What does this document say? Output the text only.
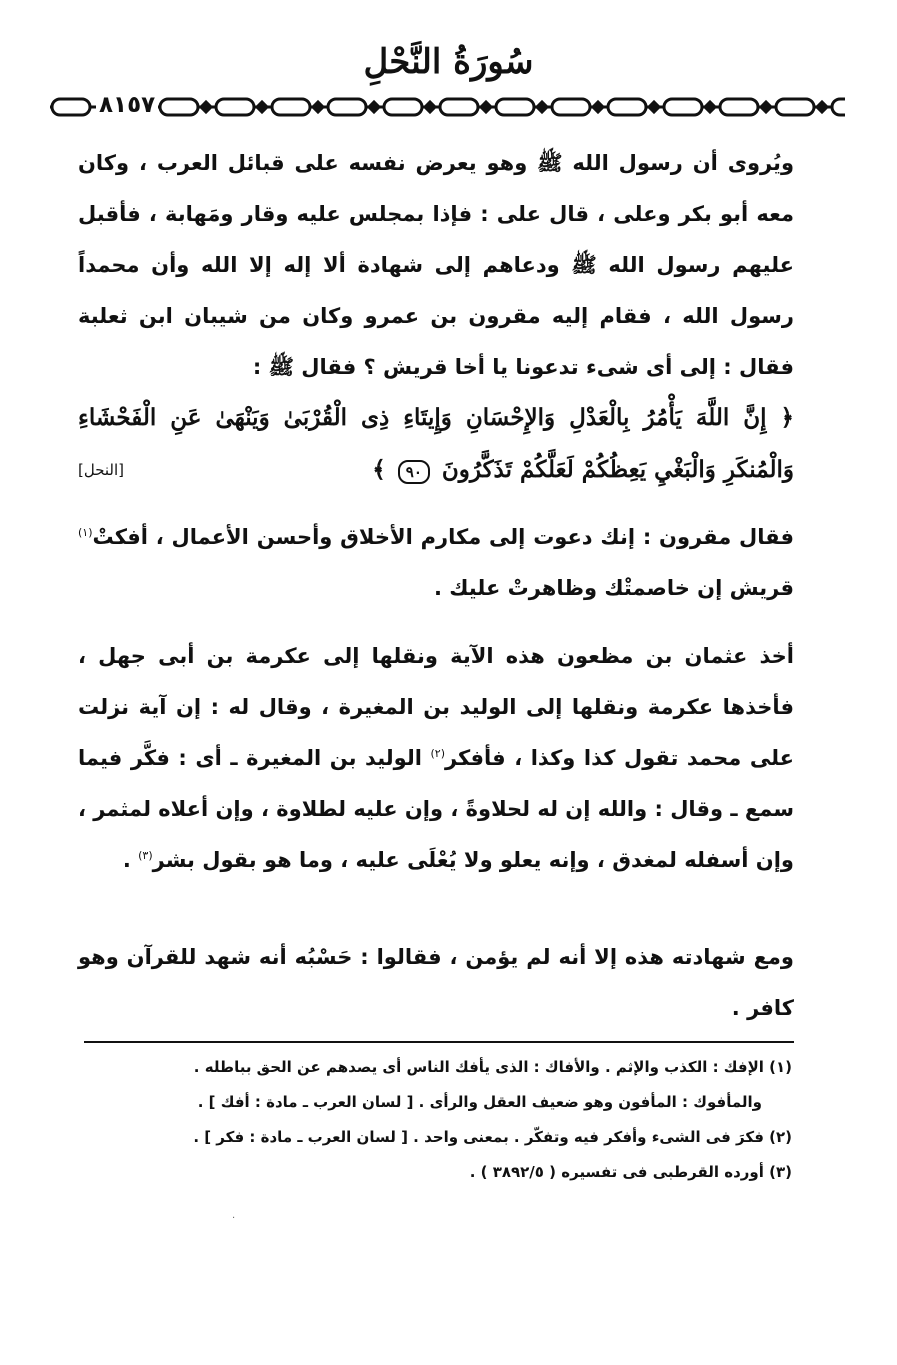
سُورَةُ النَّحْلِ
٨١٥٧

ويُروى أن رسول الله ﷺ وهو يعرض نفسه على قبائل العرب ، وكان معه أبو بكر وعلى ، قال على : فإذا بمجلس عليه وقار ومَهابة ، فأقبل عليهم رسول الله ﷺ ودعاهم إلى شهادة ألا إله إلا الله وأن محمداً رسول الله ، فقام إليه مقرون بن عمرو وكان من شيبان ابن ثعلبة فقال : إلى أى شىء تدعونا يا أخا قريش ؟ فقال ﷺ :

﴿ إِنَّ اللَّهَ يَأْمُرُ بِالْعَدْلِ وَالإِحْسَانِ وَإِيتَاءِ ذِى الْقُرْبَىٰ وَيَنْهَىٰ عَنِ الْفَحْشَاءِ وَالْمُنكَرِ وَالْبَغْيِ يَعِظُكُمْ لَعَلَّكُمْ تَذَكَّرُونَ ٩٠ ﴾
[النحل]

فقال مقرون : إنك دعوت إلى مكارم الأخلاق وأحسن الأعمال ، أفكتْ$^{(١)}$ قريش إن خاصمتْك وظاهرتْ عليك .

أخذ عثمان بن مظعون هذه الآية ونقلها إلى عكرمة بن أبى جهل ، فأخذها عكرمة ونقلها إلى الوليد بن المغيرة ، وقال له : إن آية نزلت على محمد تقول كذا وكذا ، فأفكر$^{(٢)}$ الوليد بن المغيرة ـ أى : فكَّر فيما سمع ـ وقال : والله إن له لحلاوةً ، وإن عليه لطلاوة ، وإن أعلاه لمثمر ، وإن أسفله لمغدق ، وإنه يعلو ولا يُعْلَى عليه ، وما هو بقول بشر$^{(٣)}$ .

ومع شهادته هذه إلا أنه لم يؤمن ، فقالوا : حَسْبُه أنه شهد للقرآن وهو كافر .

(١) الإفك : الكذب والإثم . والأفاك : الذى يأفك الناس أى يصدهم عن الحق بباطله .
والمأفوك : المأفون وهو ضعيف العقل والرأى . [ لسان العرب ـ مادة : أفك ] .
(٢) فكرَ فى الشىء وأفكر فيه وتفكّر . بمعنى واحد . [ لسان العرب ـ مادة : فكر ] .
(٣) أورده القرطبى فى تفسيره ( ٣٨٩٢/٥ ) .
·
